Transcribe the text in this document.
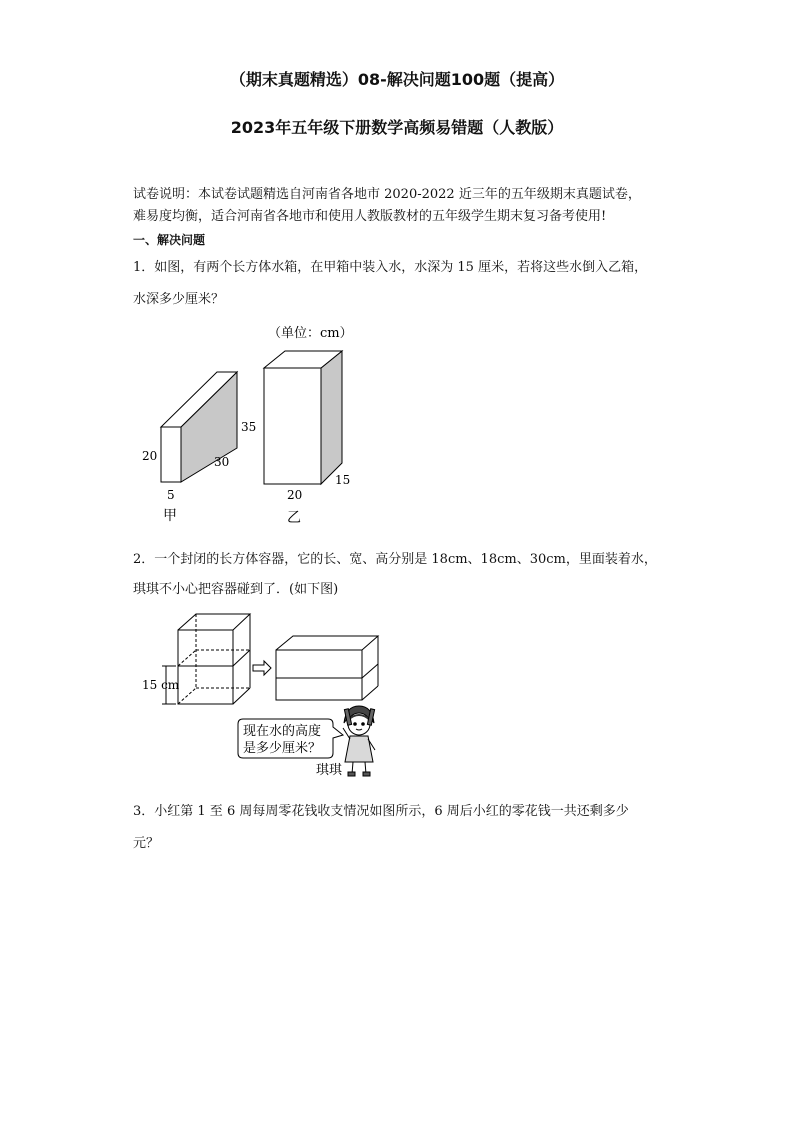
（期末真题精选）08-解决问题100题（提高）
2023年五年级下册数学高频易错题（人教版）
试卷说明：本试卷试题精选自河南省各地市 2020-2022 近三年的五年级期末真题试卷，
难易度均衡，适合河南省各地市和使用人教版教材的五年级学生期末复习备考使用!
一、解决问题
1．如图，有两个长方体水箱，在甲箱中装入水，水深为 15 厘米，若将这些水倒入乙箱，
水深多少厘米？
（单位：cm）
20	30
5
甲
35
20
15
乙
2．一个封闭的长方体容器，它的长、宽、高分别是 18cm、18cm、30cm，里面装着水，
琪琪不小心把容器碰到了．(如下图)
15 cm
现在水的高度
是多少厘米？
琪琪
3．小红第 1 至 6 周每周零花钱收支情况如图所示，6 周后小红的零花钱一共还剩多少
元？
